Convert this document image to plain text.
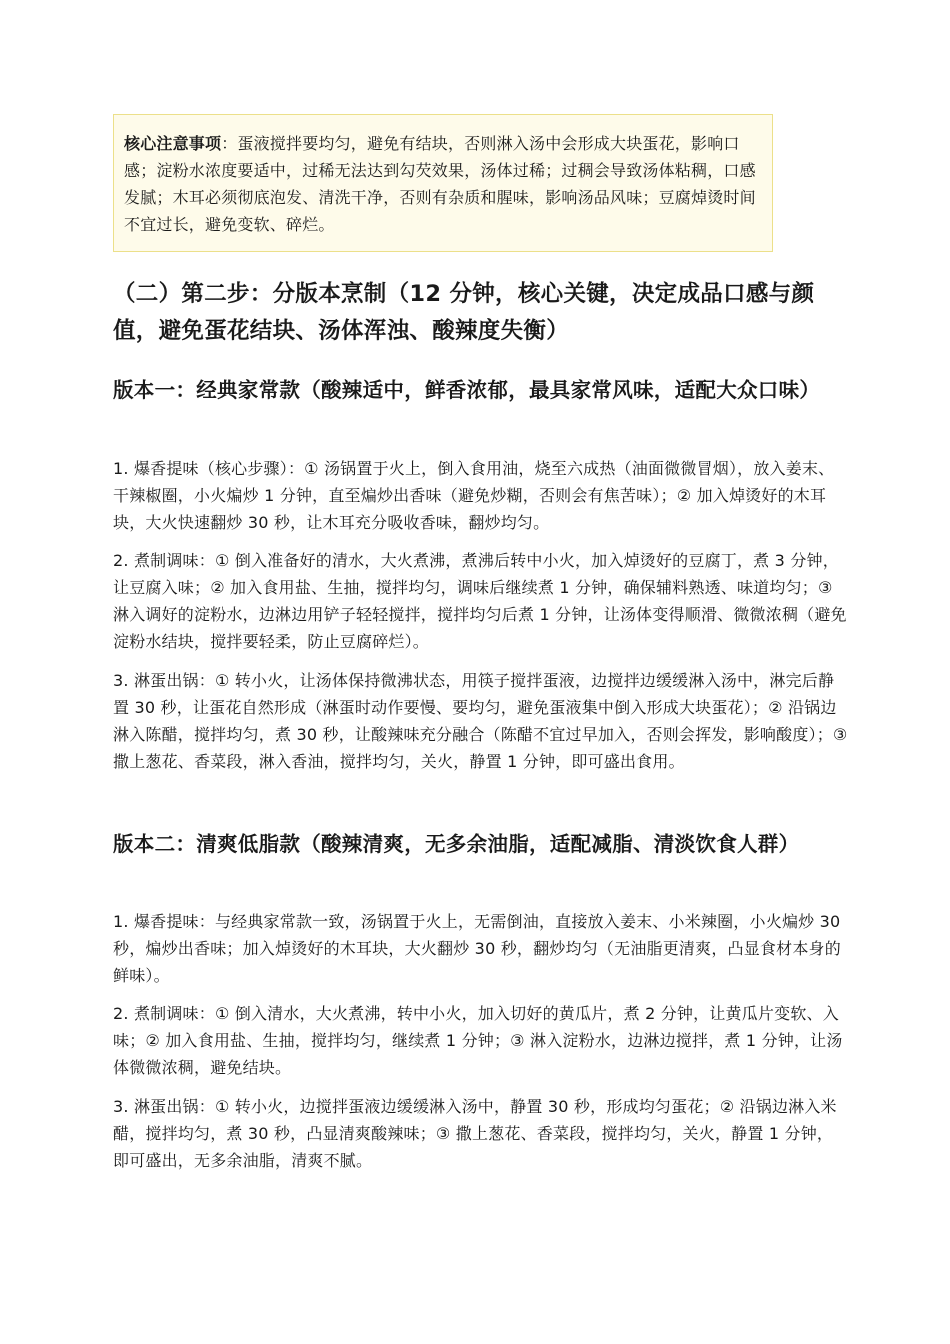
核心注意事项：蛋液搅拌要均匀，避免有结块，否则淋入汤中会形成大块蛋花，影响口感；淀粉水浓度要适中，过稀无法达到勾芡效果，汤体过稀；过稠会导致汤体粘稠，口感发腻；木耳必须彻底泡发、清洗干净，否则有杂质和腥味，影响汤品风味；豆腐焯烫时间不宜过长，避免变软、碎烂。
（二）第二步：分版本烹制（12 分钟，核心关键，决定成品口感与颜值，避免蛋花结块、汤体浑浊、酸辣度失衡）
版本一：经典家常款（酸辣适中，鲜香浓郁，最具家常风味，适配大众口味）

1. 爆香提味（核心步骤）：① 汤锅置于火上，倒入食用油，烧至六成热（油面微微冒烟），放入姜末、干辣椒圈，小火煸炒 1 分钟，直至煸炒出香味（避免炒糊，否则会有焦苦味）；② 加入焯烫好的木耳块，大火快速翻炒 30 秒，让木耳充分吸收香味，翻炒均匀。

2. 煮制调味：① 倒入准备好的清水，大火煮沸，煮沸后转中小火，加入焯烫好的豆腐丁，煮 3 分钟，让豆腐入味；② 加入食用盐、生抽，搅拌均匀，调味后继续煮 1 分钟，确保辅料熟透、味道均匀；③ 淋入调好的淀粉水，边淋边用铲子轻轻搅拌，搅拌均匀后煮 1 分钟，让汤体变得顺滑、微微浓稠（避免淀粉水结块，搅拌要轻柔，防止豆腐碎烂）。

3. 淋蛋出锅：① 转小火，让汤体保持微沸状态，用筷子搅拌蛋液，边搅拌边缓缓淋入汤中，淋完后静置 30 秒，让蛋花自然形成（淋蛋时动作要慢、要均匀，避免蛋液集中倒入形成大块蛋花）；② 沿锅边淋入陈醋，搅拌均匀，煮 30 秒，让酸辣味充分融合（陈醋不宜过早加入，否则会挥发，影响酸度）；③ 撒上葱花、香菜段，淋入香油，搅拌均匀，关火，静置 1 分钟，即可盛出食用。

版本二：清爽低脂款（酸辣清爽，无多余油脂，适配减脂、清淡饮食人群）

1. 爆香提味：与经典家常款一致，汤锅置于火上，无需倒油，直接放入姜末、小米辣圈，小火煸炒 30 秒，煸炒出香味；加入焯烫好的木耳块，大火翻炒 30 秒，翻炒均匀（无油脂更清爽，凸显食材本身的鲜味）。

2. 煮制调味：① 倒入清水，大火煮沸，转中小火，加入切好的黄瓜片，煮 2 分钟，让黄瓜片变软、入味；② 加入食用盐、生抽，搅拌均匀，继续煮 1 分钟；③ 淋入淀粉水，边淋边搅拌，煮 1 分钟，让汤体微微浓稠，避免结块。

3. 淋蛋出锅：① 转小火，边搅拌蛋液边缓缓淋入汤中，静置 30 秒，形成均匀蛋花；② 沿锅边淋入米醋，搅拌均匀，煮 30 秒，凸显清爽酸辣味；③ 撒上葱花、香菜段，搅拌均匀，关火，静置 1 分钟，即可盛出，无多余油脂，清爽不腻。
